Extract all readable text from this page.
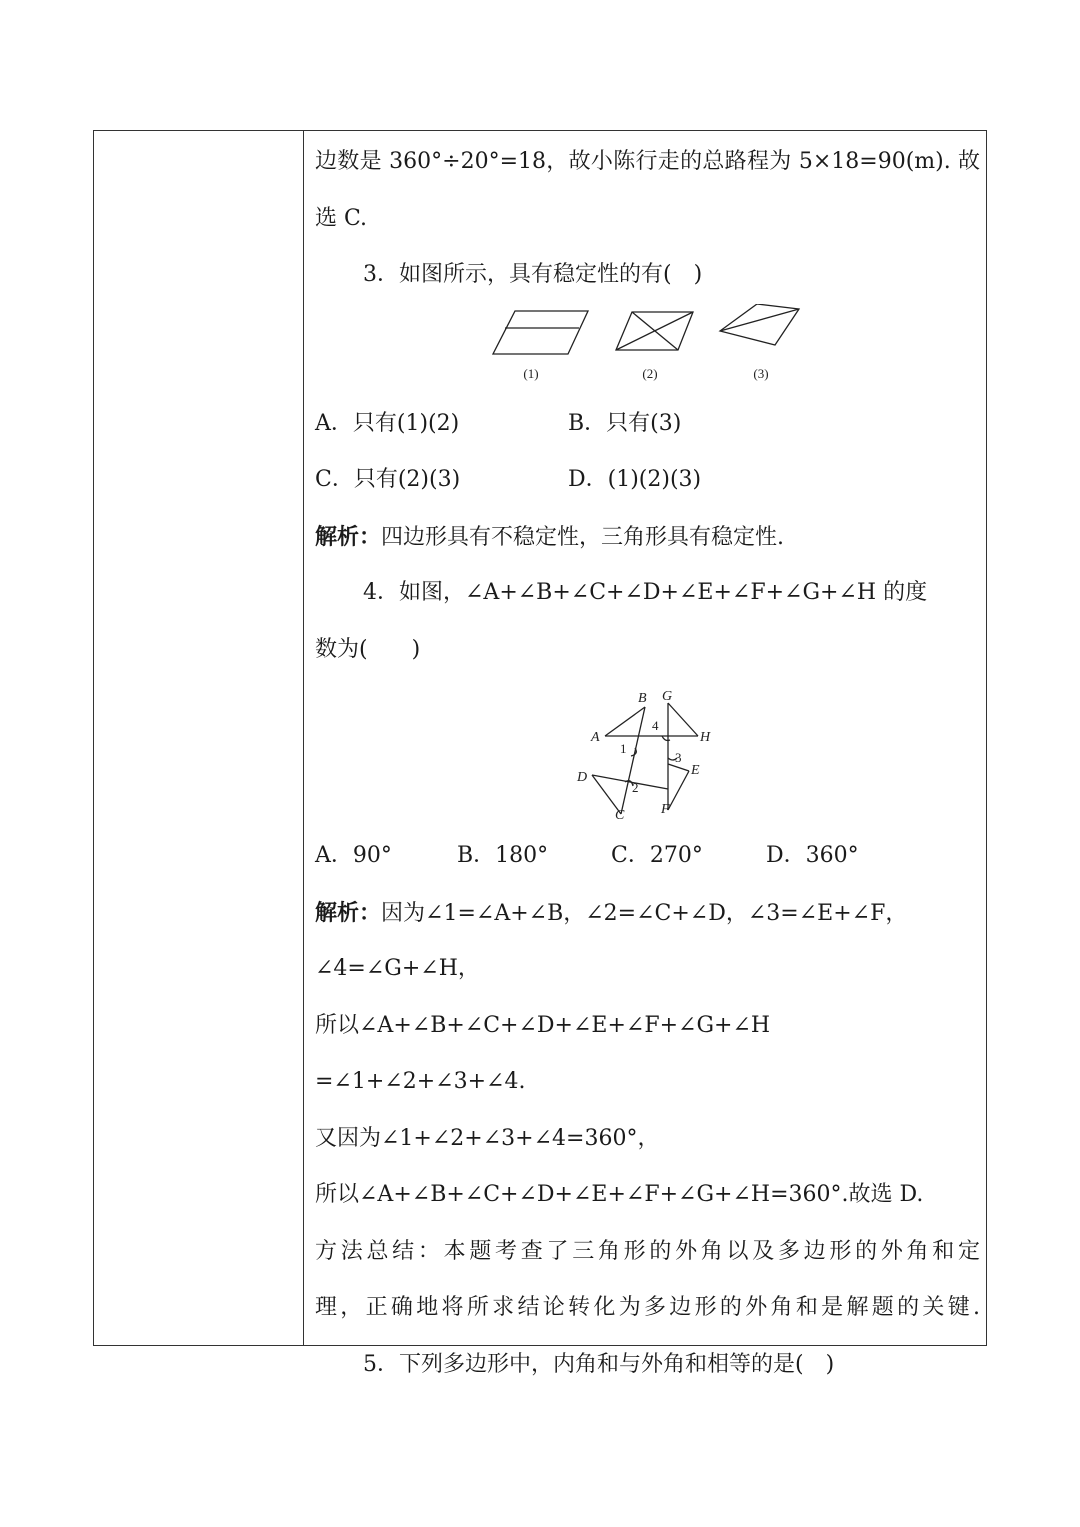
边数是 360°÷20°=18，故小陈行走的总路程为 5×18=90(m). 故
选 C.
3．如图所示，具有稳定性的有(　)
(1)	(2)	(3)
A．只有(1)(2)	B．只有(3)
C．只有(2)(3)	D．(1)(2)(3)
解析：四边形具有不稳定性，三角形具有稳定性.
4．如图，∠A+∠B+∠C+∠D+∠E+∠F+∠G+∠H 的度
数为(　　)
A
B
C
D	E
F
G
H
1
2
3
4
A．90°	B．180°	C．270°	D．360°
解析：因为∠1=∠A+∠B，∠2=∠C+∠D，∠3=∠E+∠F，
∠4=∠G+∠H，
所以∠A+∠B+∠C+∠D+∠E+∠F+∠G+∠H
=∠1+∠2+∠3+∠4.
又因为∠1+∠2+∠3+∠4=360°，
所以∠A+∠B+∠C+∠D+∠E+∠F+∠G+∠H=360°.故选 D.
方法总结：本题考查了三角形的外角以及多边形的外角和定
理，正确地将所求结论转化为多边形的外角和是解题的关键.
5．下列多边形中，内角和与外角和相等的是(　)
